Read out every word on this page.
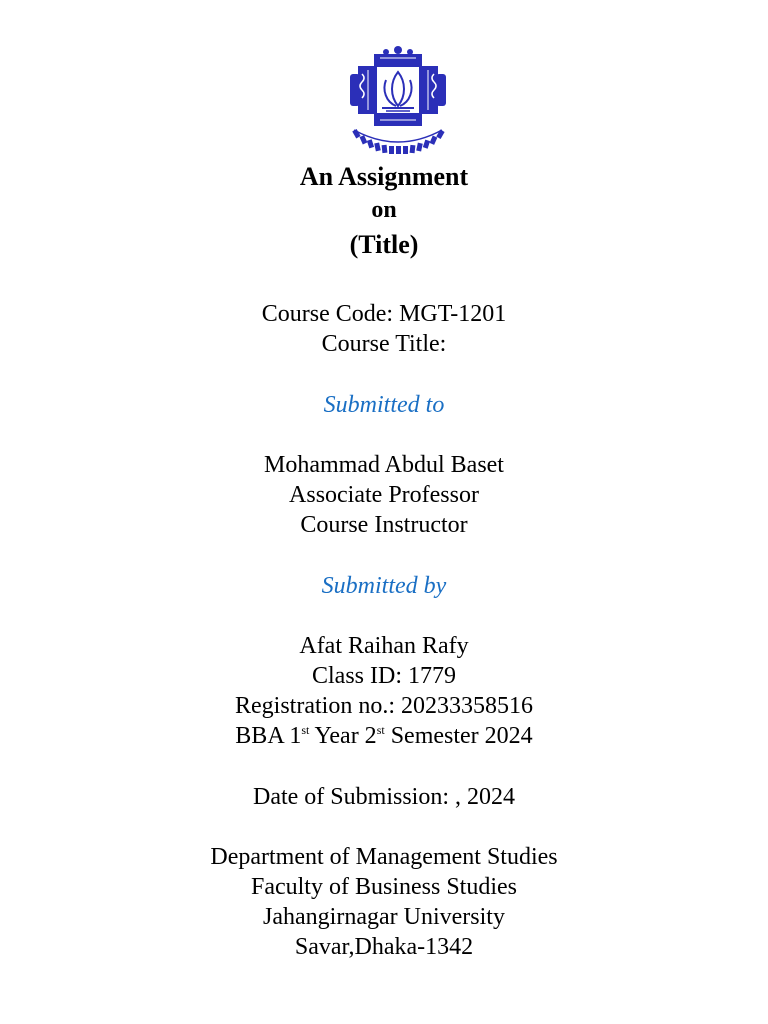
An Assignment
on
(Title)
Course Code: MGT-1201
Course Title:
Submitted to
Mohammad Abdul Baset
Associate Professor
Course Instructor
Submitted by
Afat Raihan Rafy
Class ID: 1779
Registration no.: 20233358516
BBA 1st Year 2st Semester 2024
Date of Submission: , 2024
Department of Management Studies
Faculty of Business Studies
Jahangirnagar University
Savar,Dhaka-1342
